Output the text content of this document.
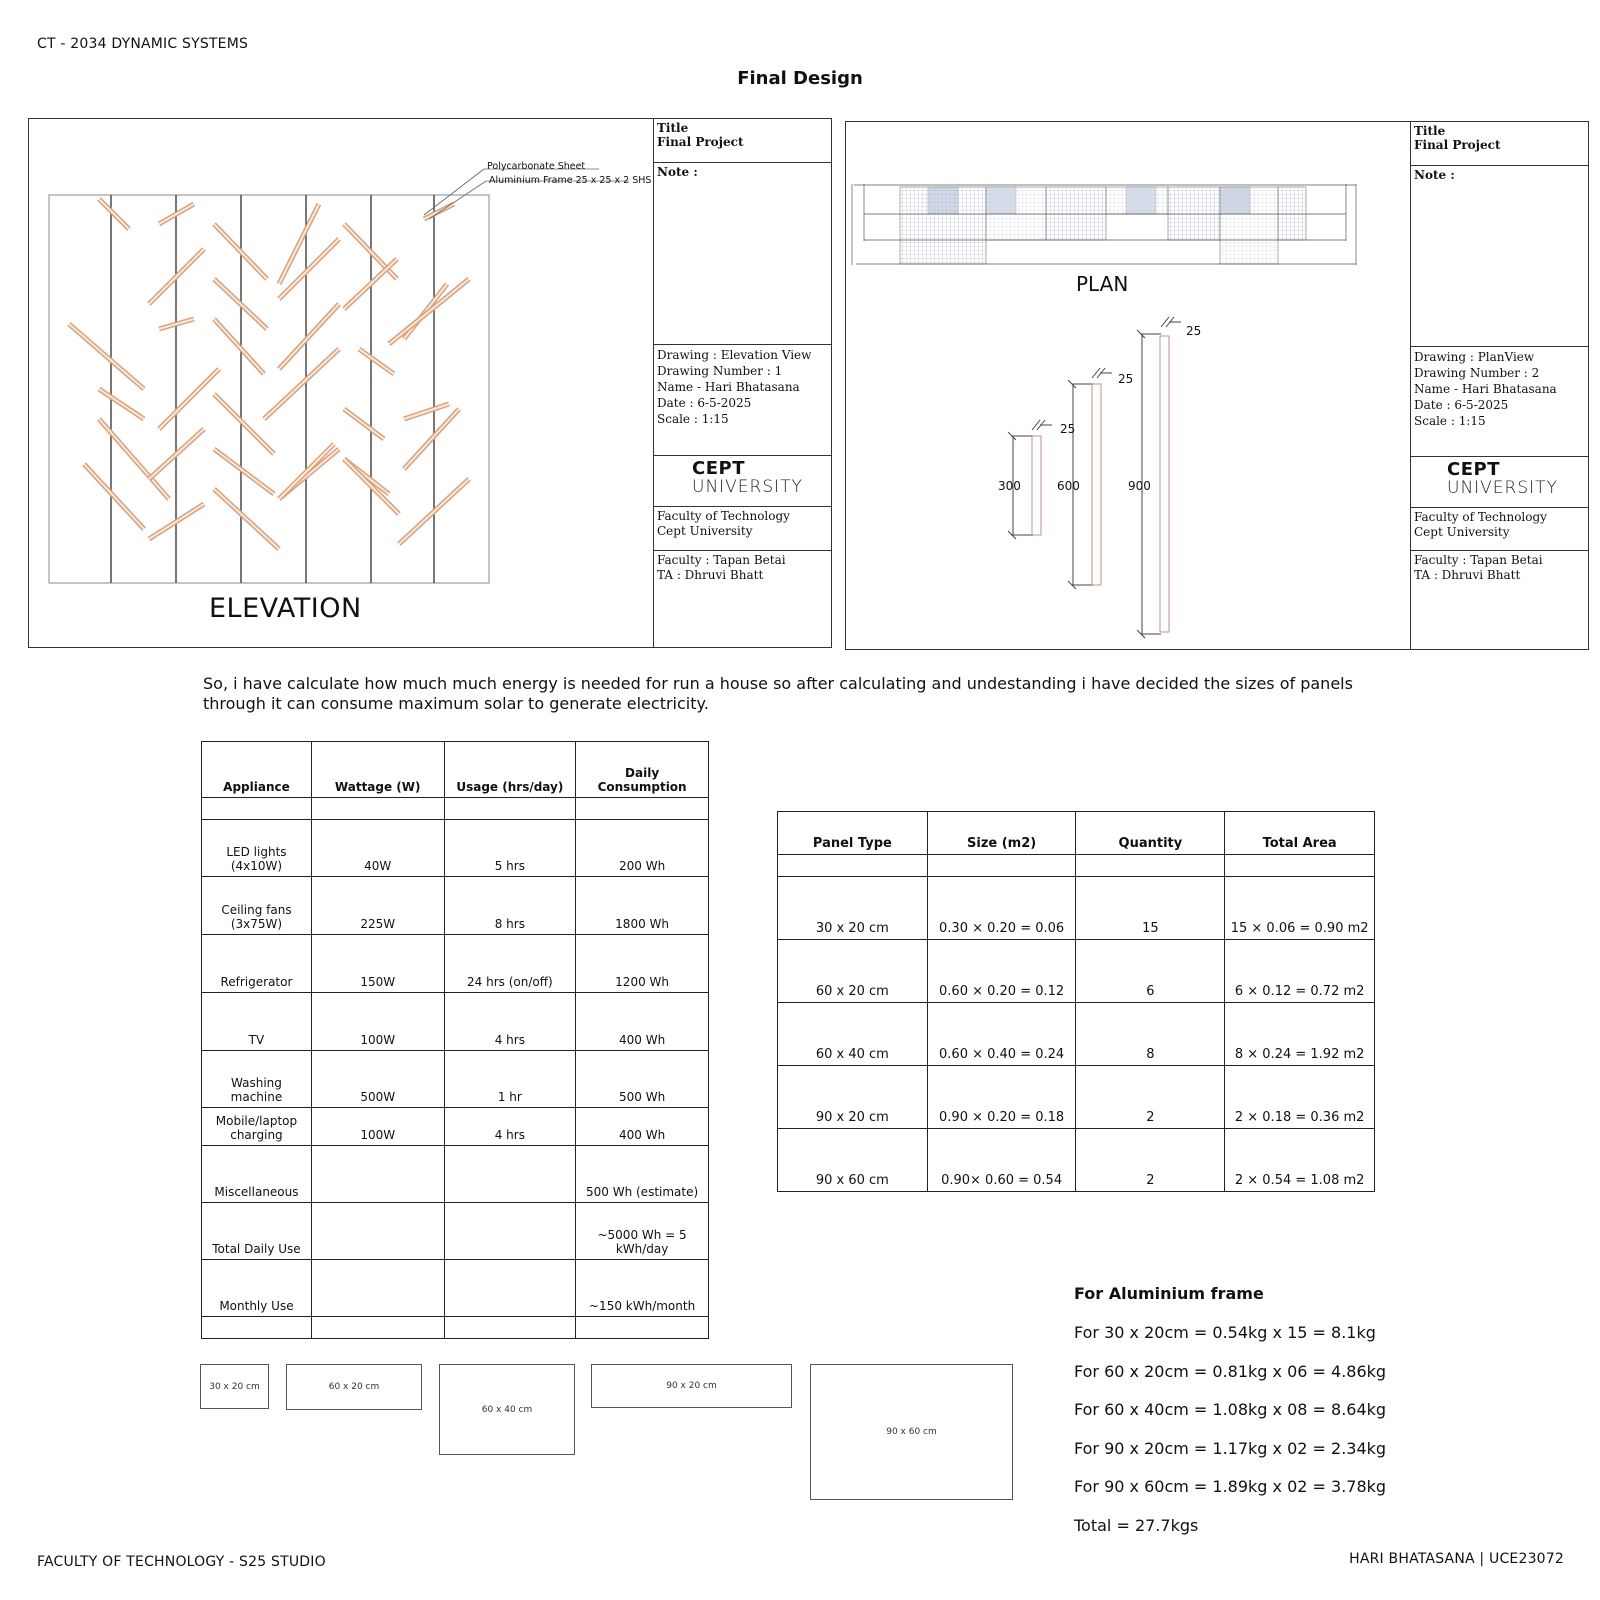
CT - 2034 DYNAMIC SYSTEMS
Final Design
Polycarbonate Sheet
Aluminium Frame 25 x 25 x 2 SHS
ELEVATION
Title
Final Project
Note :
Drawing : Elevation View
Drawing Number : 1
Name - Hari Bhatasana
Date : 6-5-2025
Scale : 1:15
CEPT
UNIVERSITY
Faculty of Technology
Cept University
Faculty : Tapan Betai
TA : Dhruvi Bhatt
PLAN
25
25
25
300	600	900
Title
Final Project
Note :
Drawing : PlanView
Drawing Number : 2
Name - Hari Bhatasana
Date : 6-5-2025
Scale : 1:15
CEPT
UNIVERSITY
Faculty of Technology
Cept University
Faculty : Tapan Betai
TA : Dhruvi Bhatt
So, i have calculate how much much energy is needed for run a house so after calculating and undestanding i have decided the sizes of panels through it can consume maximum solar to generate electricity.
Appliance	Wattage (W)	Usage (hrs/day)	Daily Consumption

LED lights (4x10W)	40W	5 hrs	200 Wh
Ceiling fans (3x75W)	225W	8 hrs	1800 Wh
Refrigerator	150W	24 hrs (on/off)	1200 Wh
TV	100W	4 hrs	400 Wh
Washing machine	500W	1 hr	500 Wh
Mobile/laptop charging	100W	4 hrs	400 Wh
Miscellaneous			500 Wh (estimate)
Total Daily Use			~5000 Wh = 5 kWh/day
Monthly Use			~150 kWh/month

Panel Type	Size (m2)	Quantity	Total Area

30 x 20 cm	0.30 × 0.20 = 0.06	15	15 × 0.06 = 0.90 m2
60 x 20 cm	0.60 × 0.20 = 0.12	6	6 × 0.12 = 0.72 m2
60 x 40 cm	0.60 × 0.40 = 0.24	8	8 × 0.24 = 1.92 m2
90 x 20 cm	0.90 × 0.20 = 0.18	2	2 × 0.18 = 0.36 m2
90 x 60 cm	0.90× 0.60 = 0.54	2	2 × 0.54 = 1.08 m2
30 x 20 cm	60 x 20 cm
60 x 40 cm
90 x 20 cm
90 x 60 cm
For Aluminium frame
For 30 x 20cm = 0.54kg x 15 = 8.1kg
For 60 x 20cm = 0.81kg x 06 = 4.86kg
For 60 x 40cm = 1.08kg x 08 = 8.64kg
For 90 x 20cm = 1.17kg x 02 = 2.34kg
For 90 x 60cm = 1.89kg x 02 = 3.78kg
Total = 27.7kgs
FACULTY OF TECHNOLOGY - S25 STUDIO	HARI BHATASANA | UCE23072
